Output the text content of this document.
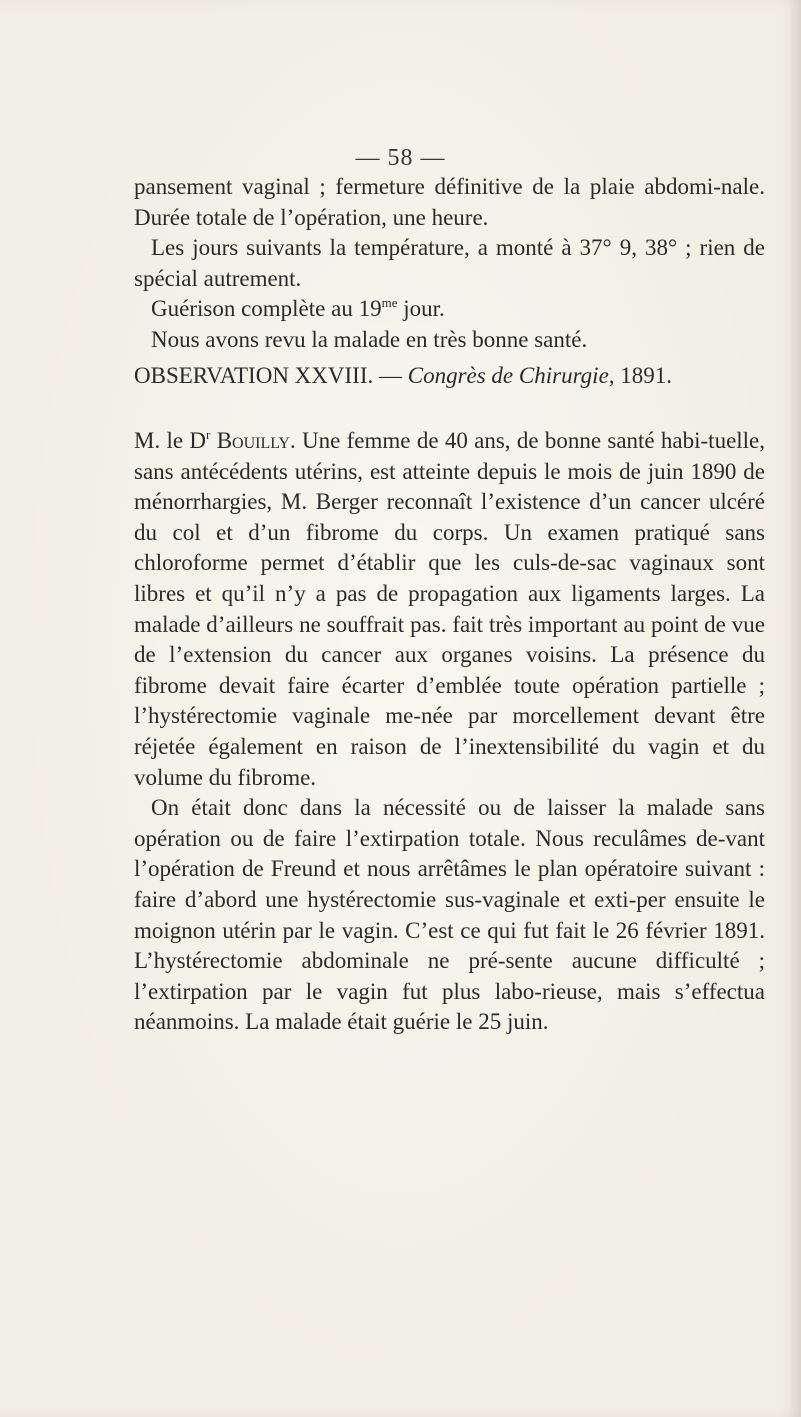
— 58 —

pansement vaginal ; fermeture définitive de la plaie abdomi-nale. Durée totale de l’opération, une heure.

Les jours suivants la température, a monté à 37° 9, 38° ; rien de spécial autrement.

Guérison complète au $19^{me}$ jour.

Nous avons revu la malade en très bonne santé.

OBSERVATION XXVIII. — Congrès de Chirurgie, 1891.

M. le $D^r$ Bouilly. Une femme de 40 ans, de bonne santé habi-tuelle, sans antécédents utérins, est atteinte depuis le mois de juin 1890 de ménorrhargies, M. Berger reconnaît l’existence d’un cancer ulcéré du col et d’un fibrome du corps. Un examen pratiqué sans chloroforme permet d’établir que les culs-de-sac vaginaux sont libres et qu’il n’y a pas de propagation aux ligaments larges. La malade d’ailleurs ne souffrait pas. fait très important au point de vue de l’extension du cancer aux organes voisins. La présence du fibrome devait faire écarter d’emblée toute opération partielle ; l’hystérectomie vaginale me-née par morcellement devant être réjetée également en raison de l’inextensibilité du vagin et du volume du fibrome.

On était donc dans la nécessité ou de laisser la malade sans opération ou de faire l’extirpation totale. Nous reculâmes de-vant l’opération de Freund et nous arrêtâmes le plan opératoire suivant : faire d’abord une hystérectomie sus-vaginale et exti-per ensuite le moignon utérin par le vagin. C’est ce qui fut fait le 26 février 1891. L’hystérectomie abdominale ne pré-sente aucune difficulté ; l’extirpation par le vagin fut plus labo-rieuse, mais s’effectua néanmoins. La malade était guérie le 25 juin.
